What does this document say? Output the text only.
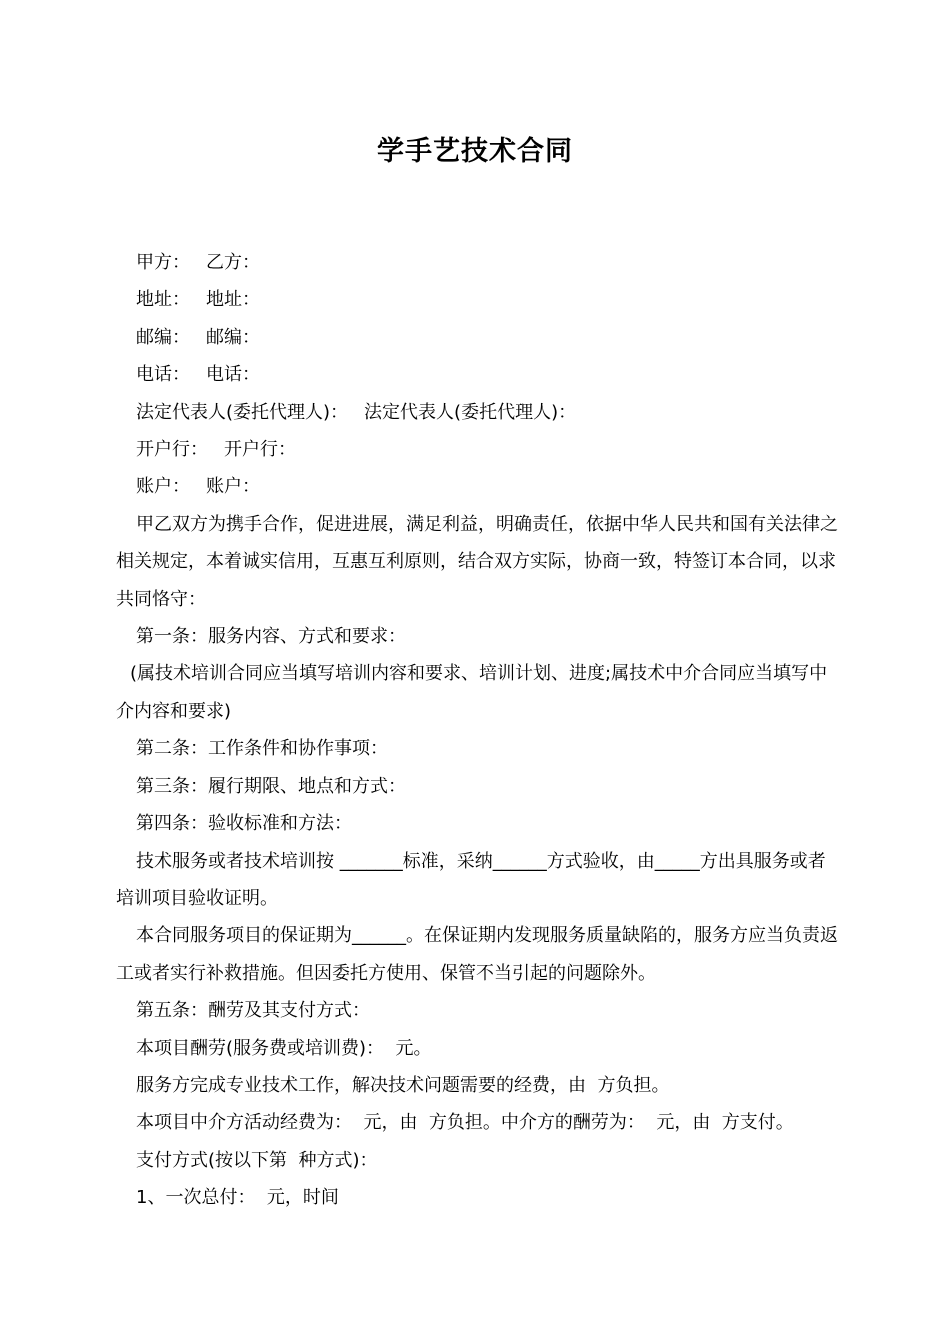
学手艺技术合同

甲方： 乙方：

地址： 地址：

邮编： 邮编：

电话： 电话：

法定代表人(委托代理人)： 法定代表人(委托代理人)：

开户行： 开户行：

账户： 账户：

甲乙双方为携手合作，促进进展，满足利益，明确责任，依据中华人民共和国有关法律之相关规定，本着诚实信用，互惠互利原则，结合双方实际，协商一致，特签订本合同，以求共同恪守：

第一条：服务内容、方式和要求：

(属技术培训合同应当填写培训内容和要求、培训计划、进度;属技术中介合同应当填写中介内容和要求)

第二条：工作条件和协作事项：

第三条：履行期限、地点和方式：

第四条：验收标准和方法：

技术服务或者技术培训按 _______标准，采纳______方式验收，由_____方出具服务或者培训项目验收证明。

本合同服务项目的保证期为______。在保证期内发现服务质量缺陷的，服务方应当负责返工或者实行补救措施。但因委托方使用、保管不当引起的问题除外。

第五条：酬劳及其支付方式：

本项目酬劳(服务费或培训费)：  元。

服务方完成专业技术工作，解决技术问题需要的经费，由  方负担。

本项目中介方活动经费为：  元，由  方负担。中介方的酬劳为：  元，由  方支付。

支付方式(按以下第  种方式)：

1、一次总付：  元，时间
